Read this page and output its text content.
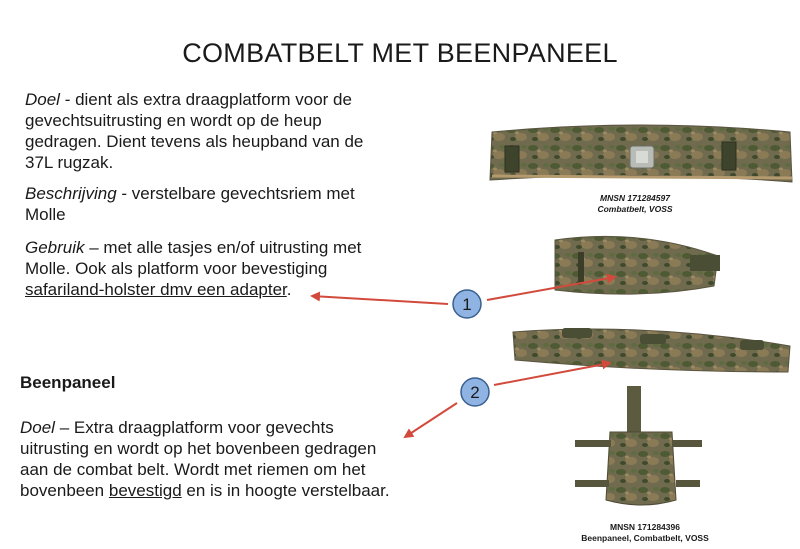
COMBATBELT MET BEENPANEEL
Doel - dient als extra draagplatform voor de gevechtsuitrusting en wordt op de heup gedragen. Dient tevens als heupband van de 37L rugzak.
Beschrijving - verstelbare gevechtsriem met Molle
Gebruik – met alle tasjes en/of uitrusting met Molle. Ook als platform voor bevestiging safariland-holster dmv een adapter.
Beenpaneel
Doel – Extra draagplatform voor gevechts uitrusting en wordt op het bovenbeen gedragen aan de combat belt. Wordt met riemen om het bovenbeen bevestigd en is in hoogte verstelbaar.
MNSN 171284597
Combatbelt, VOSS
MNSN 171284396
Beenpaneel, Combatbelt, VOSS
1
2
